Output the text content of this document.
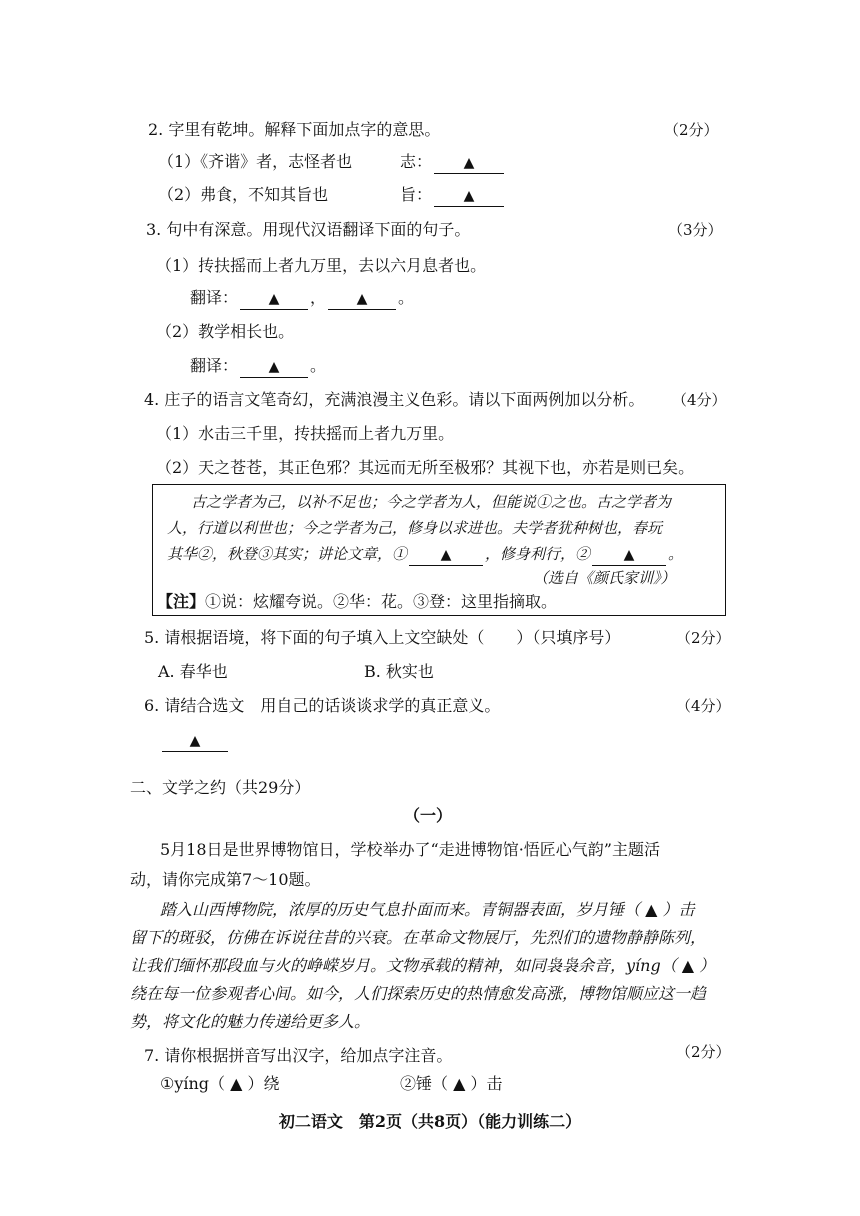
2. 字里有乾坤。解释下面加点字的意思。	（2分）
（1）《齐谐》者，志怪者也	志： ▲
（2）弗食，不知其旨也	旨： ▲
3. 句中有深意。用现代汉语翻译下面的句子。	（3分）
（1）抟扶摇而上者九万里，去以六月息者也。
翻译： ▲ ， ▲ 。
（2）教学相长也。
翻译： ▲ 。
4. 庄子的语言文笔奇幻，充满浪漫主义色彩。请以下面两例加以分析。 （4分）
（1）水击三千里，抟扶摇而上者九万里。
（2）天之苍苍，其正色邪？其远而无所至极邪？其视下也，亦若是则已矣。
古之学者为己，以补不足也；今之学者为人，但能说①之也。古之学者为
人，行道以利世也；今之学者为己，修身以求进也。夫学者犹种树也，春玩
其华②，秋登③其实；讲论文章，① ▲ ，修身利行，② ▲ 。
（选自《颜氏家训》）
【注】①说：炫耀夸说。②华：花。③登：这里指摘取。
5. 请根据语境，将下面的句子填入上文空缺处（　　）（只填序号）	（2分）
A. 春华也	B. 秋实也
6. 请结合选文　用自己的话谈谈求学的真正意义。	（4分）
▲
二、文学之约（共29分）
（一）
5月18日是世界博物馆日，学校举办了“走进博物馆·悟匠心气韵”主题活
动，请你完成第7～10题。
踏入山西博物院，浓厚的历史气息扑面而来。青铜器表面，岁月锤（ ▲ ）击
留下的斑驳，仿佛在诉说往昔的兴衰。在革命文物展厅，先烈们的遗物静静陈列，
让我们缅怀那段血与火的峥嵘岁月。文物承载的精神，如同袅袅余音，yíng（ ▲ ）
绕在每一位参观者心间。如今，人们探索历史的热情愈发高涨，博物馆顺应这一趋
势，将文化的魅力传递给更多人。
7. 请你根据拼音写出汉字，给加点字注音。	（2分）
①yíng（ ▲ ）绕	②锤（ ▲ ）击
初二语文　第2页（共8页）（能力训练二）
